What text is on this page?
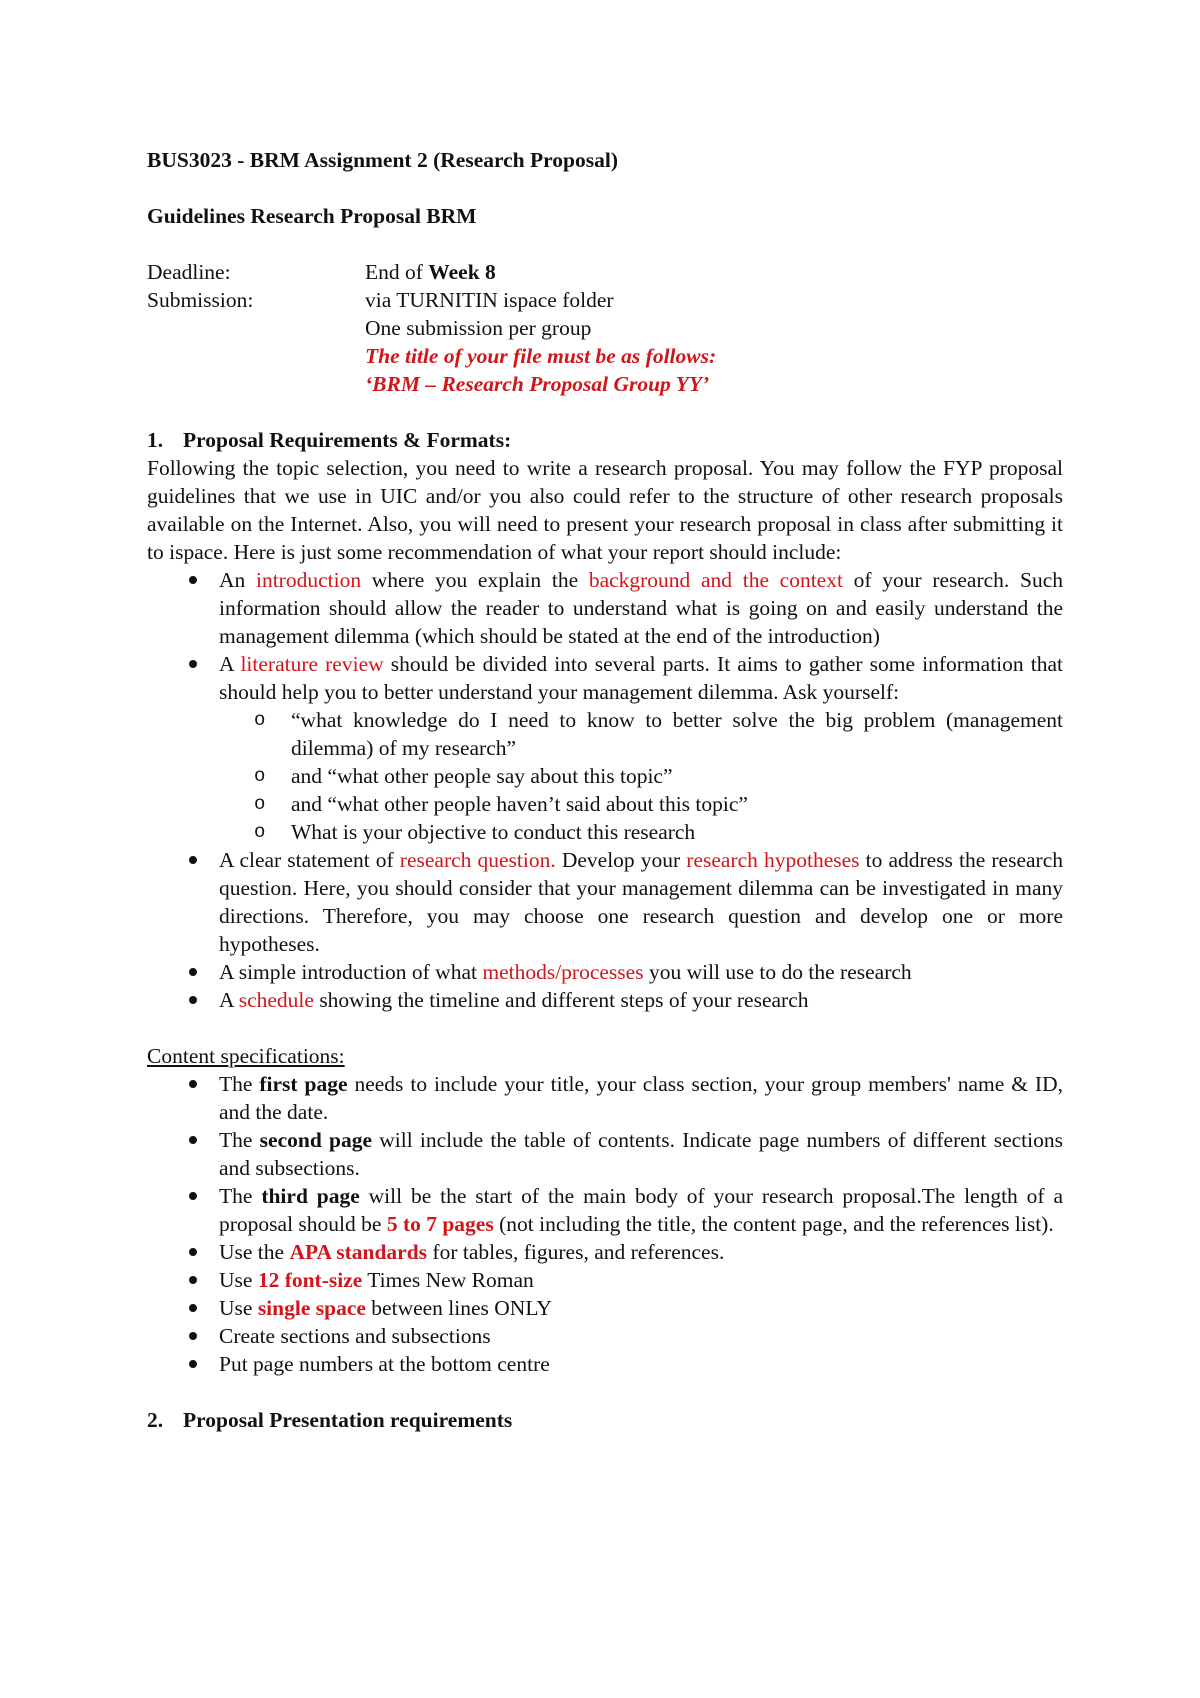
BUS3023 - BRM Assignment 2 (Research Proposal)
Guidelines Research Proposal BRM
Deadline:	End of Week 8
Submission:	via TURNITIN ispace folder
One submission per group
The title of your file must be as follows:
‘BRM – Research Proposal Group YY’
1. Proposal Requirements & Formats:
Following the topic selection, you need to write a research proposal. You may follow the FYP proposal guidelines that we use in UIC and/or you also could refer to the structure of other research proposals available on the Internet. Also, you will need to present your research proposal in class after submitting it to ispace. Here is just some recommendation of what your report should include:
An introduction where you explain the background and the context of your research. Such information should allow the reader to understand what is going on and easily understand the management dilemma (which should be stated at the end of the introduction)
A literature review should be divided into several parts. It aims to gather some information that should help you to better understand your management dilemma. Ask yourself:
o “what knowledge do I need to know to better solve the big problem (management dilemma) of my research”
o and “what other people say about this topic”
o and “what other people haven’t said about this topic”
o What is your objective to conduct this research
A clear statement of research question. Develop your research hypotheses to address the research question. Here, you should consider that your management dilemma can be investigated in many directions. Therefore, you may choose one research question and develop one or more hypotheses.
A simple introduction of what methods/processes you will use to do the research
A schedule showing the timeline and different steps of your research
Content specifications:
The first page needs to include your title, your class section, your group members' name & ID, and the date.
The second page will include the table of contents. Indicate page numbers of different sections and subsections.
The third page will be the start of the main body of your research proposal.The length of a proposal should be 5 to 7 pages (not including the title, the content page, and the references list).
Use the APA standards for tables, figures, and references.
Use 12 font-size Times New Roman
Use single space between lines ONLY
Create sections and subsections
Put page numbers at the bottom centre
2. Proposal Presentation requirements
